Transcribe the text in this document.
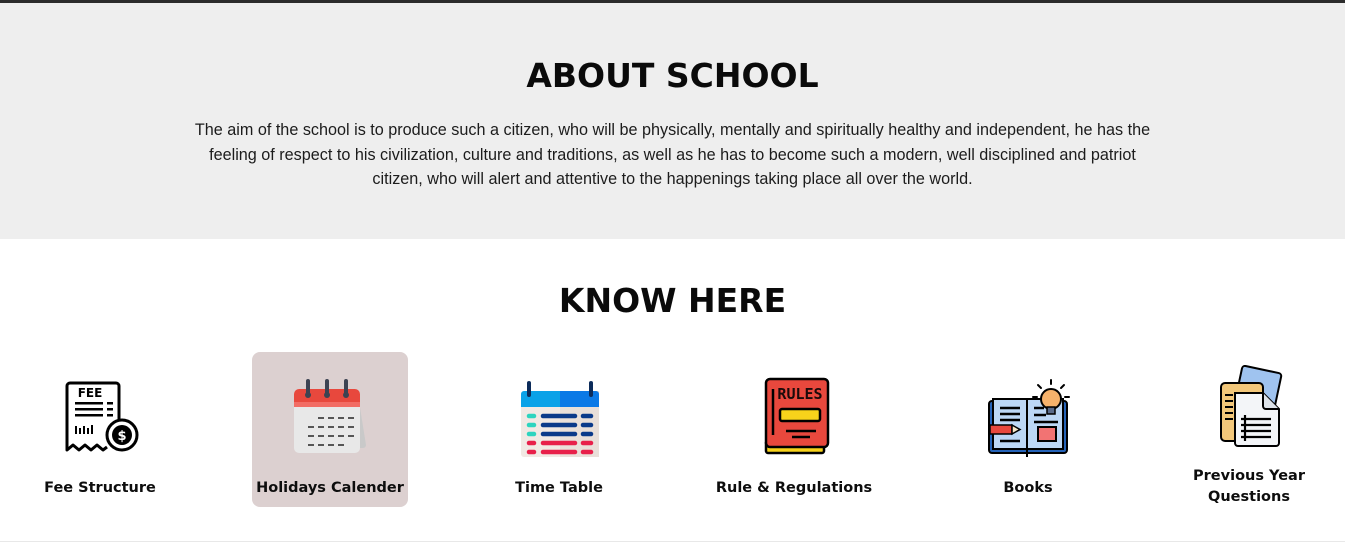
ABOUT SCHOOL

The aim of the school is to produce such a citizen, who will be physically, mentally and spiritually healthy and independent, he has the feeling of respect to his civilization, culture and traditions, as well as he has to become such a modern, well disciplined and patriot citizen, who will alert and attentive to the happenings taking place all over the world.

KNOW HERE
FEE
$
Fee Structure	Holidays Calender	Time Table
RULES
Rule & Regulations	Books
Previous Year Questions
